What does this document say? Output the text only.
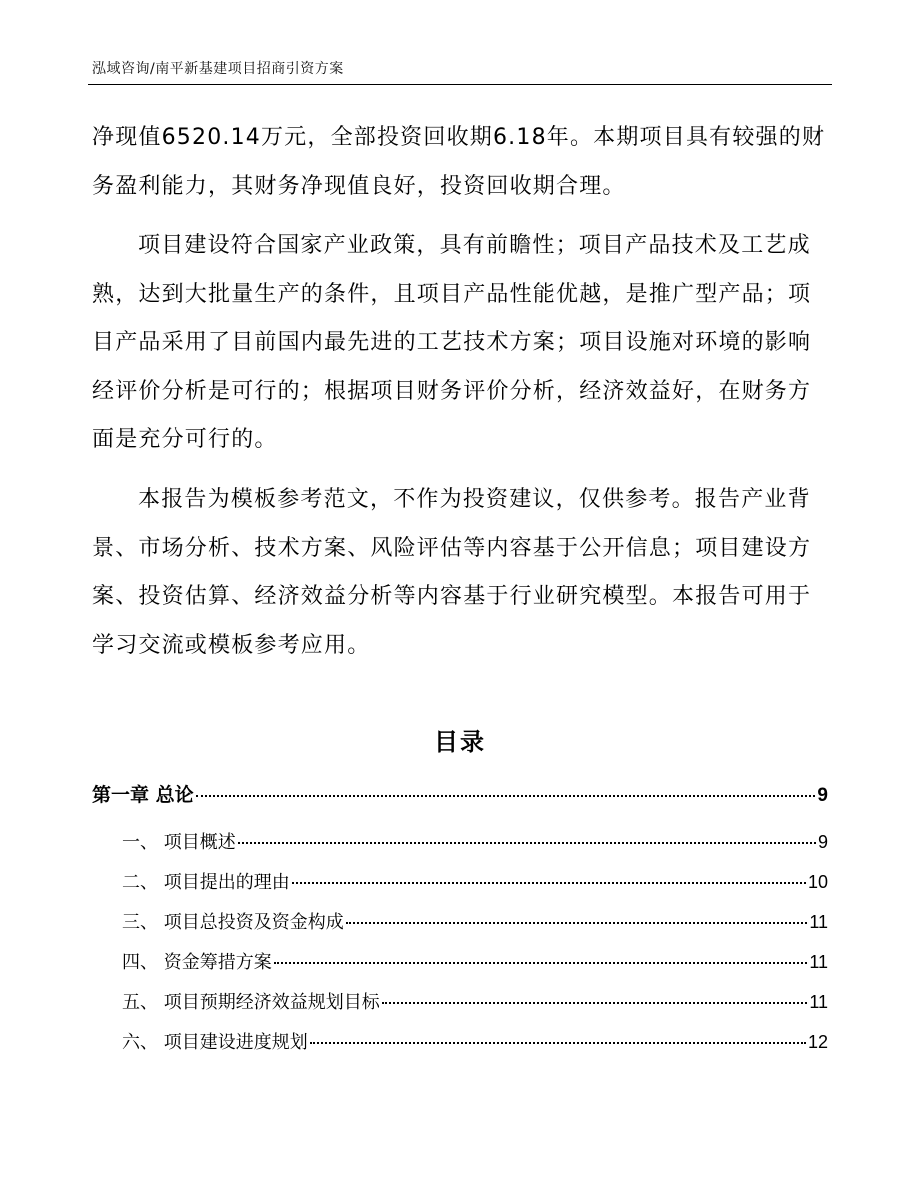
泓域咨询/南平新基建项目招商引资方案
净现值6520.14万元，全部投资回收期6.18年。本期项目具有较强的财务盈利能力，其财务净现值良好，投资回收期合理。
项目建设符合国家产业政策，具有前瞻性；项目产品技术及工艺成熟，达到大批量生产的条件，且项目产品性能优越，是推广型产品；项目产品采用了目前国内最先进的工艺技术方案；项目设施对环境的影响经评价分析是可行的；根据项目财务评价分析，经济效益好，在财务方面是充分可行的。
本报告为模板参考范文，不作为投资建议，仅供参考。报告产业背景、市场分析、技术方案、风险评估等内容基于公开信息；项目建设方案、投资估算、经济效益分析等内容基于行业研究模型。本报告可用于学习交流或模板参考应用。
目录
第一章 总论	9
一、 项目概述	9
二、 项目提出的理由	10
三、 项目总投资及资金构成	11
四、 资金筹措方案	11
五、 项目预期经济效益规划目标	11
六、 项目建设进度规划	12
